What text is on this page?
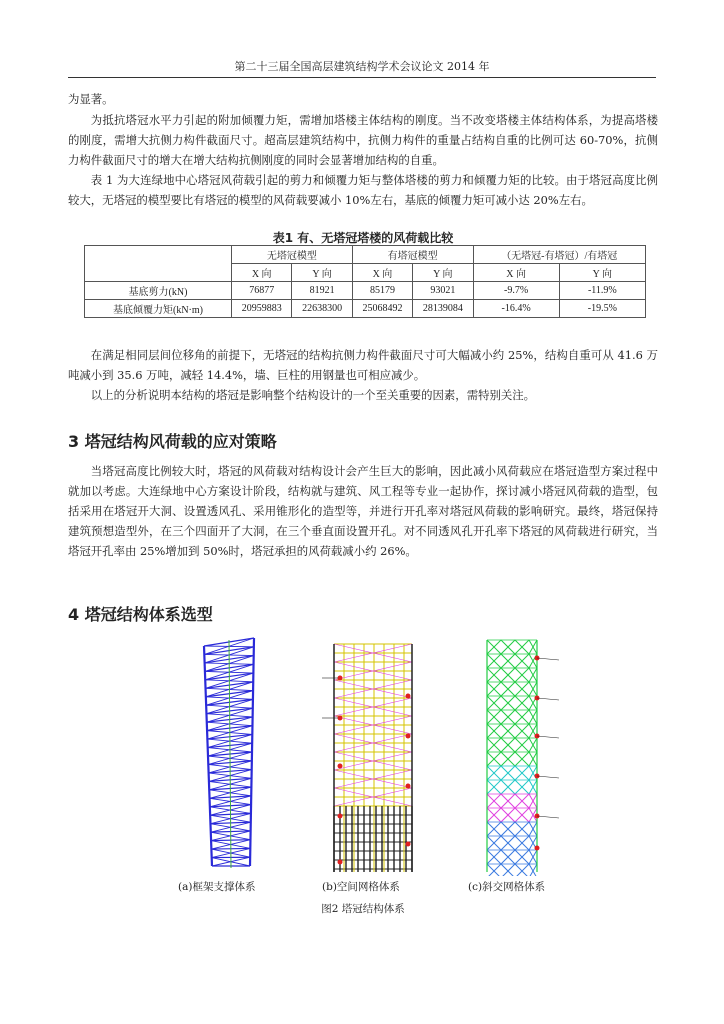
第二十三届全国高层建筑结构学术会议论文 2014 年

为显著。

为抵抗塔冠水平力引起的附加倾覆力矩，需增加塔楼主体结构的刚度。当不改变塔楼主体结构体系，为提高塔楼的刚度，需增大抗侧力构件截面尺寸。超高层建筑结构中，抗侧力构件的重量占结构自重的比例可达 60-70%，抗侧力构件截面尺寸的增大在增大结构抗侧刚度的同时会显著增加结构的自重。

表 1 为大连绿地中心塔冠风荷载引起的剪力和倾覆力矩与整体塔楼的剪力和倾覆力矩的比较。由于塔冠高度比例较大，无塔冠的模型要比有塔冠的模型的风荷载要减小 10%左右，基底的倾覆力矩可减小达 20%左右。

表1 有、无塔冠塔楼的风荷载比较
	无塔冠模型		有塔冠模型		（无塔冠-有塔冠）/有塔冠	
	X 向	Y 向	X 向	Y 向	X 向	Y 向
基底剪力(kN)	76877	81921	85179	93021	-9.7%	-11.9%
基底倾覆力矩(kN·m)	20959883	22638300	25068492	28139084	-16.4%	-19.5%

在满足相同层间位移角的前提下，无塔冠的结构抗侧力构件截面尺寸可大幅减小约 25%，结构自重可从 41.6 万吨减小到 35.6 万吨，减轻 14.4%，墙、巨柱的用钢量也可相应减少。

以上的分析说明本结构的塔冠是影响整个结构设计的一个至关重要的因素，需特别关注。

3 塔冠结构风荷载的应对策略

当塔冠高度比例较大时，塔冠的风荷载对结构设计会产生巨大的影响，因此减小风荷载应在塔冠造型方案过程中就加以考虑。大连绿地中心方案设计阶段，结构就与建筑、风工程等专业一起协作，探讨减小塔冠风荷载的造型，包括采用在塔冠开大洞、设置透风孔、采用锥形化的造型等，并进行开孔率对塔冠风荷载的影响研究。最终，塔冠保持建筑预想造型外，在三个四面开了大洞，在三个垂直面设置开孔。对不同透风孔开孔率下塔冠的风荷载进行研究，当塔冠开孔率由 25%增加到 50%时，塔冠承担的风荷载减小约 26%。

4 塔冠结构体系选型
(a)框架支撑体系	(b)空间网格体系	(c)斜交网格体系
图2 塔冠结构体系
